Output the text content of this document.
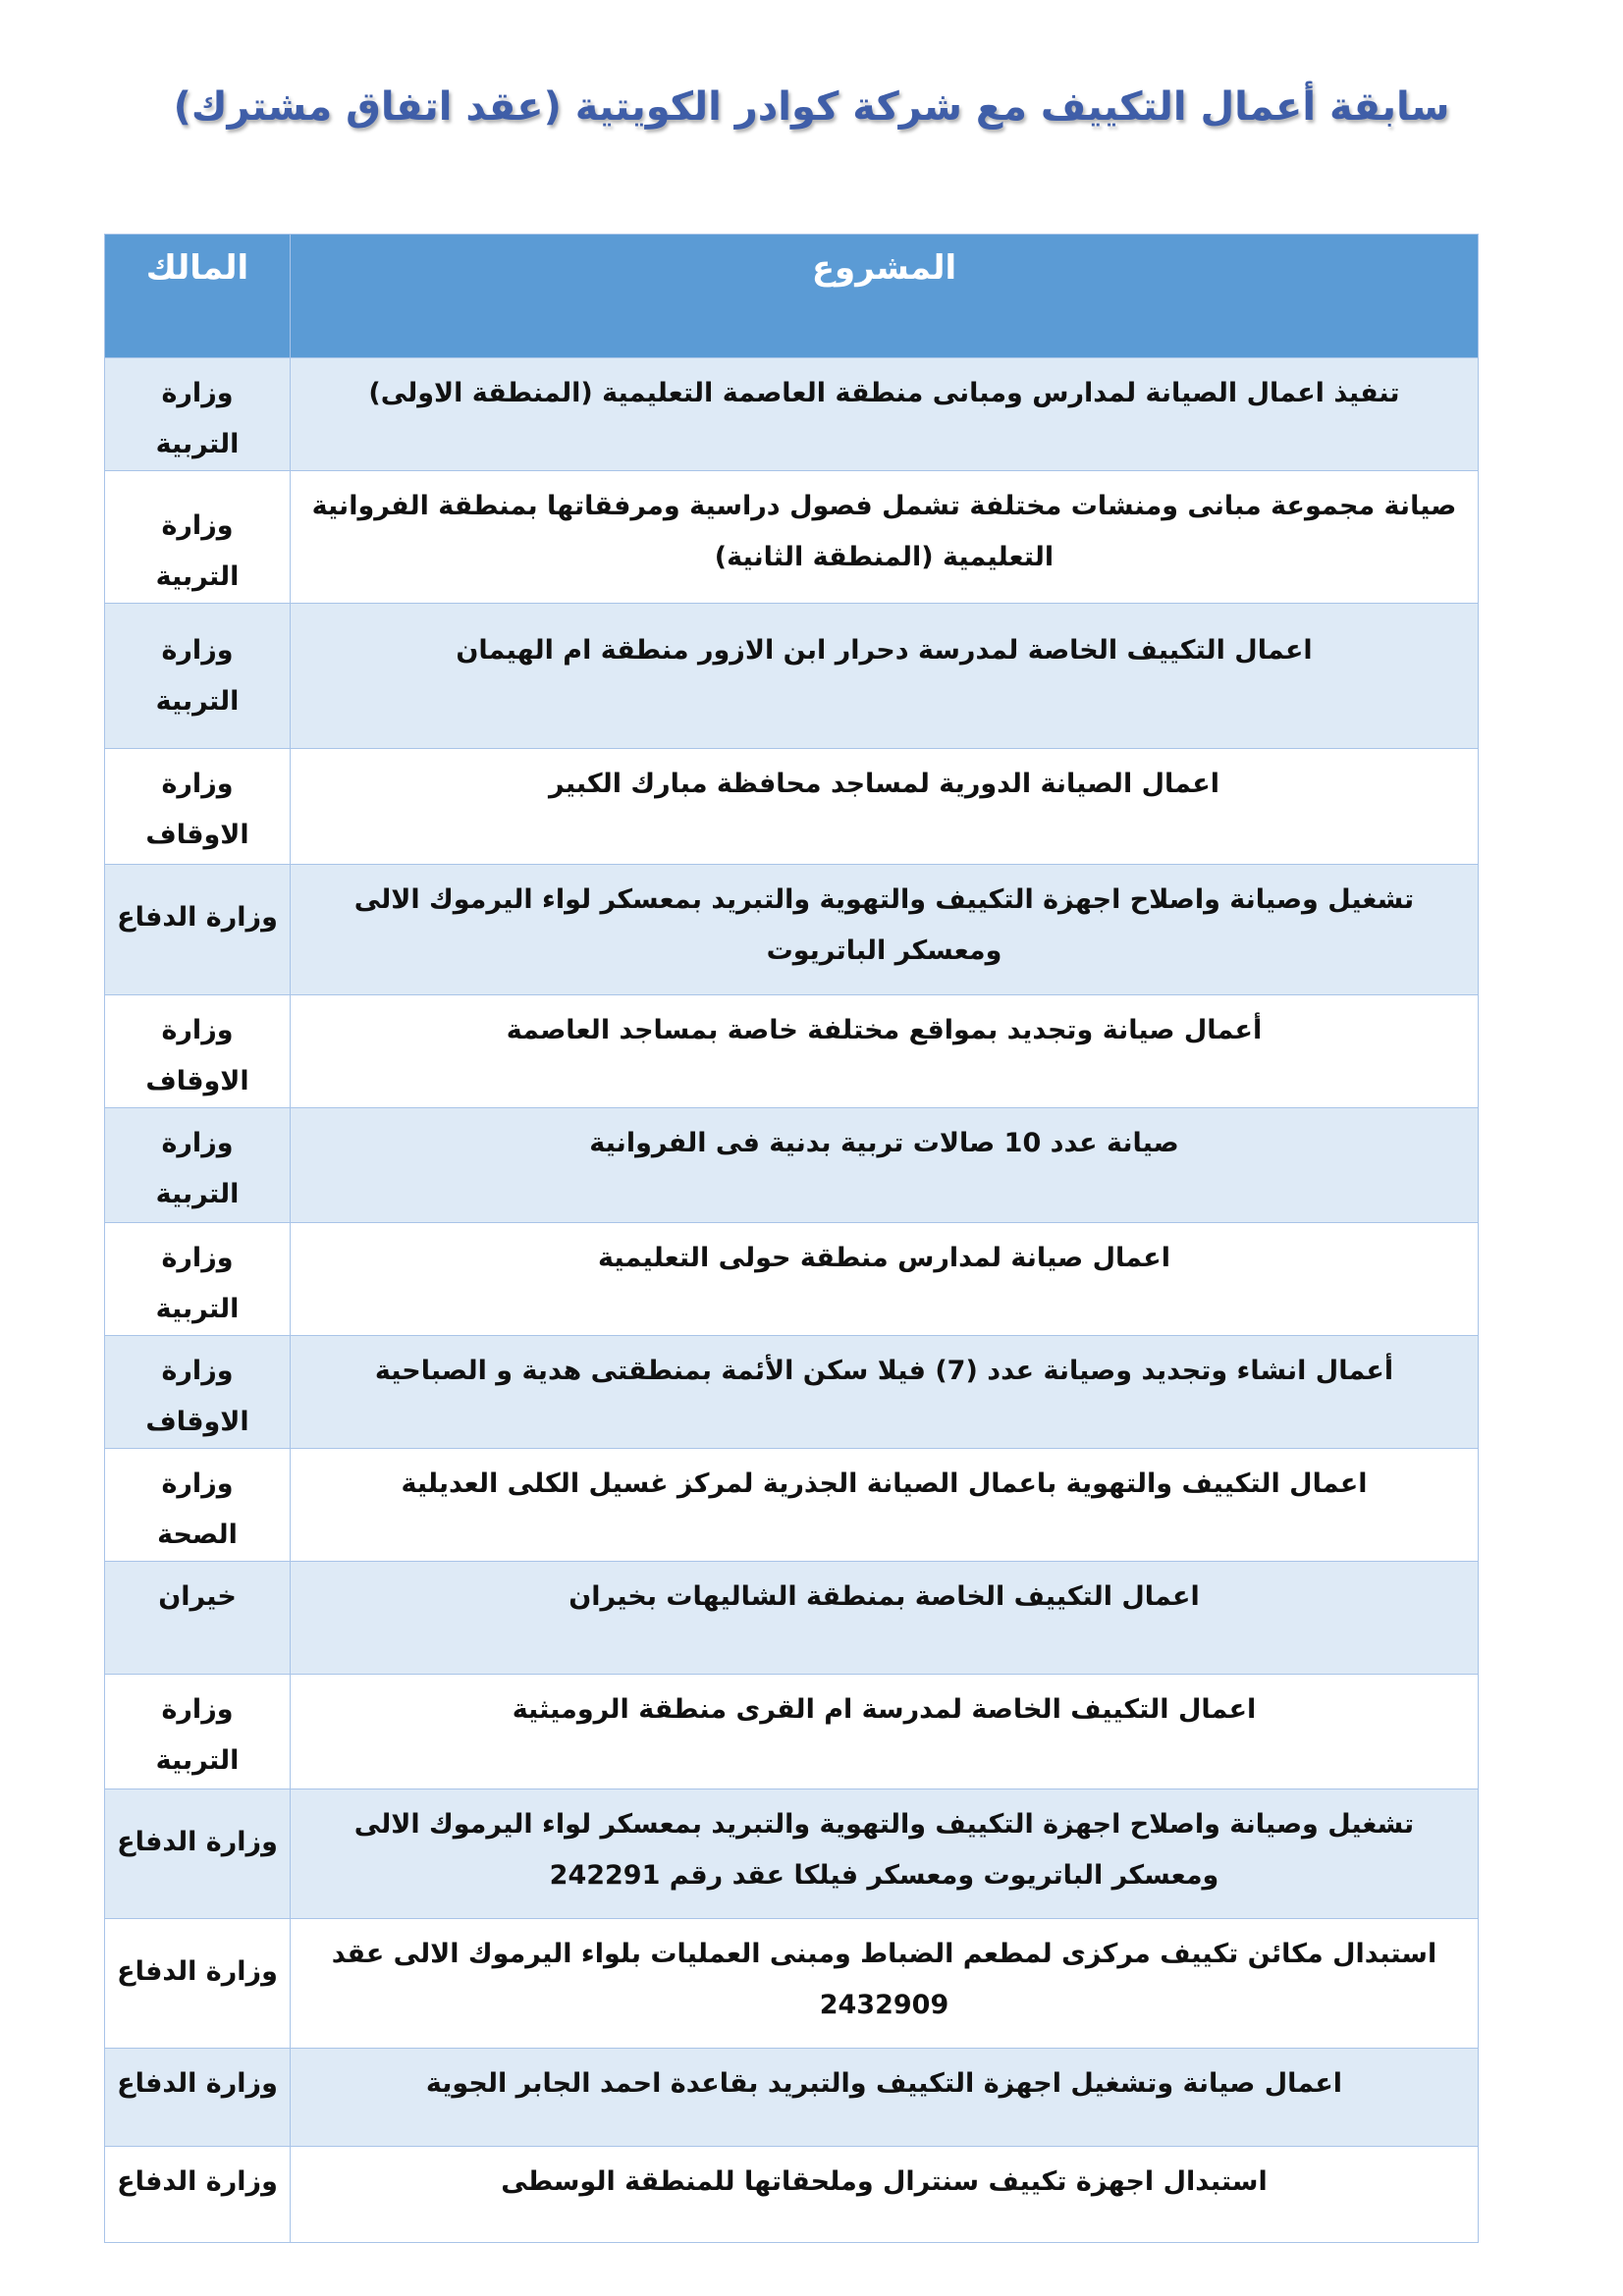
سابقة أعمال التكييف مع شركة كوادر الكويتية (عقد اتفاق مشترك)
المشروع	المالك
تنفيذ اعمال الصيانة لمدارس ومبانى منطقة العاصمة التعليمية (المنطقة الاولى)	وزارة التربية
صيانة مجموعة مبانى ومنشات مختلفة تشمل فصول دراسية ومرفقاتها بمنطقة الفروانية التعليمية (المنطقة الثانية)	وزارة التربية
اعمال التكييف الخاصة لمدرسة دحرار ابن الازور منطقة ام الهيمان	وزارة التربية
اعمال الصيانة الدورية لمساجد محافظة مبارك الكبير	وزارة الاوقاف
تشغيل وصيانة واصلاح اجهزة التكييف والتهوية والتبريد بمعسكر لواء اليرموك الالى ومعسكر الباتريوت	وزارة الدفاع
أعمال صيانة وتجديد بمواقع مختلفة خاصة بمساجد العاصمة	وزارة الاوقاف
صيانة عدد 10 صالات تربية بدنية فى الفروانية	وزارة التربية
اعمال صيانة لمدارس منطقة حولى التعليمية	وزارة التربية
أعمال انشاء وتجديد وصيانة عدد (7) فيلا سكن الأئمة بمنطقتى هدية و الصباحية	وزارة الاوقاف
اعمال التكييف والتهوية باعمال الصيانة الجذرية لمركز غسيل الكلى العديلية	وزارة الصحة
اعمال التكييف الخاصة بمنطقة الشاليهات بخيران	خيران
اعمال التكييف الخاصة لمدرسة ام القرى منطقة الروميثية	وزارة التربية
تشغيل وصيانة واصلاح اجهزة التكييف والتهوية والتبريد بمعسكر لواء اليرموك الالى ومعسكر الباتريوت ومعسكر فيلكا عقد رقم 242291	وزارة الدفاع
استبدال مكائن تكييف مركزى لمطعم الضباط ومبنى العمليات بلواء اليرموك الالى عقد 2432909	وزارة الدفاع
اعمال صيانة وتشغيل اجهزة التكييف والتبريد بقاعدة احمد الجابر الجوية	وزارة الدفاع
استبدال اجهزة تكييف سنترال وملحقاتها للمنطقة الوسطى	وزارة الدفاع
